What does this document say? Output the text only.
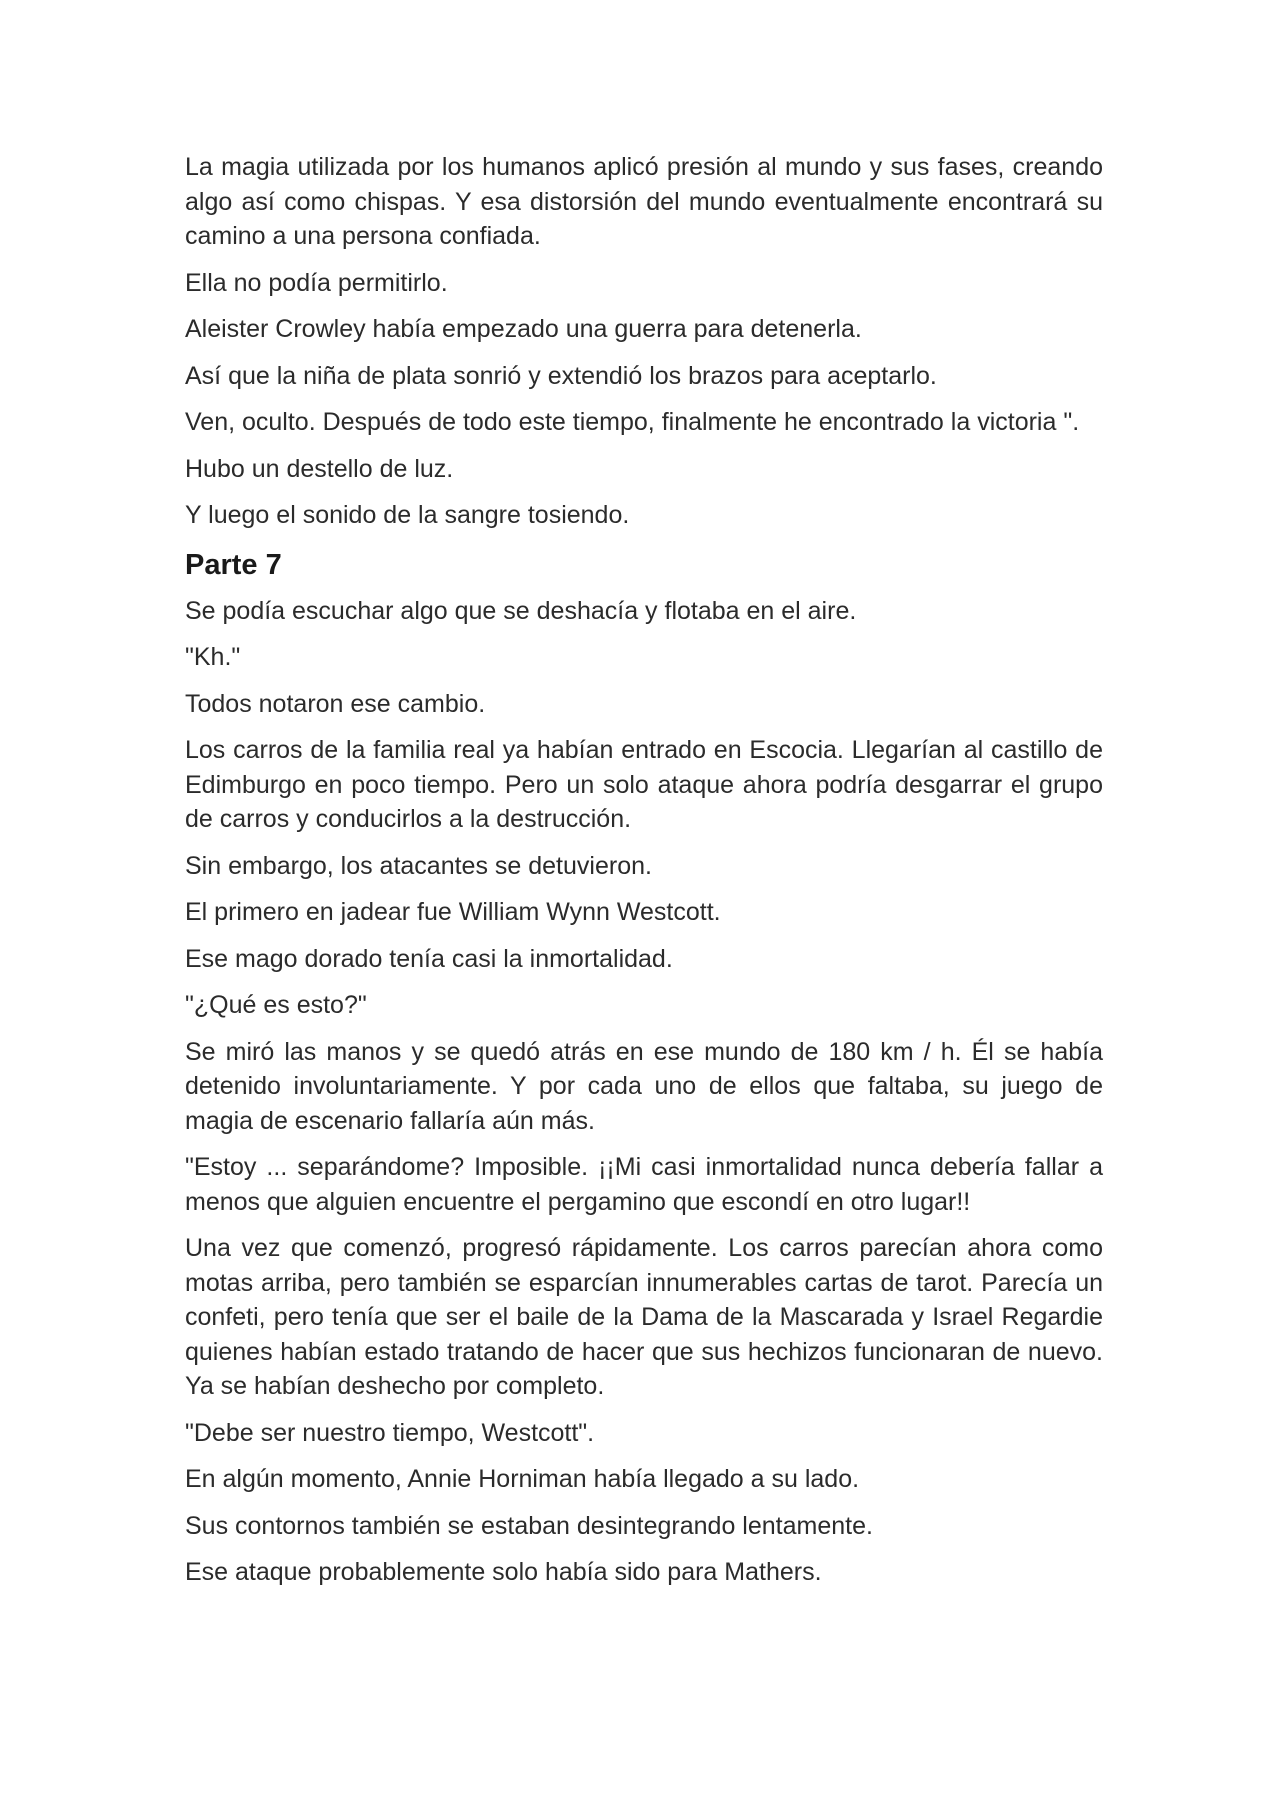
La magia utilizada por los humanos aplicó presión al mundo y sus fases, creando algo así como chispas. Y esa distorsión del mundo eventualmente encontrará su camino a una persona confiada.

Ella no podía permitirlo.

Aleister Crowley había empezado una guerra para detenerla.

Así que la niña de plata sonrió y extendió los brazos para aceptarlo.

Ven, oculto. Después de todo este tiempo, finalmente he encontrado la victoria ".

Hubo un destello de luz.

Y luego el sonido de la sangre tosiendo.

Parte 7

Se podía escuchar algo que se deshacía y flotaba en el aire.

"Kh."

Todos notaron ese cambio.

Los carros de la familia real ya habían entrado en Escocia. Llegarían al castillo de Edimburgo en poco tiempo. Pero un solo ataque ahora podría desgarrar el grupo de carros y conducirlos a la destrucción.

Sin embargo, los atacantes se detuvieron.

El primero en jadear fue William Wynn Westcott.

Ese mago dorado tenía casi la inmortalidad.

"¿Qué es esto?"

Se miró las manos y se quedó atrás en ese mundo de 180 km / h. Él se había detenido involuntariamente. Y por cada uno de ellos que faltaba, su juego de magia de escenario fallaría aún más.

"Estoy ... separándome? Imposible. ¡¡Mi casi inmortalidad nunca debería fallar a menos que alguien encuentre el pergamino que escondí en otro lugar!!

Una vez que comenzó, progresó rápidamente. Los carros parecían ahora como motas arriba, pero también se esparcían innumerables cartas de tarot. Parecía un confeti, pero tenía que ser el baile de la Dama de la Mascarada y Israel Regardie quienes habían estado tratando de hacer que sus hechizos funcionaran de nuevo. Ya se habían deshecho por completo.

"Debe ser nuestro tiempo, Westcott".

En algún momento, Annie Horniman había llegado a su lado.

Sus contornos también se estaban desintegrando lentamente.

Ese ataque probablemente solo había sido para Mathers.
